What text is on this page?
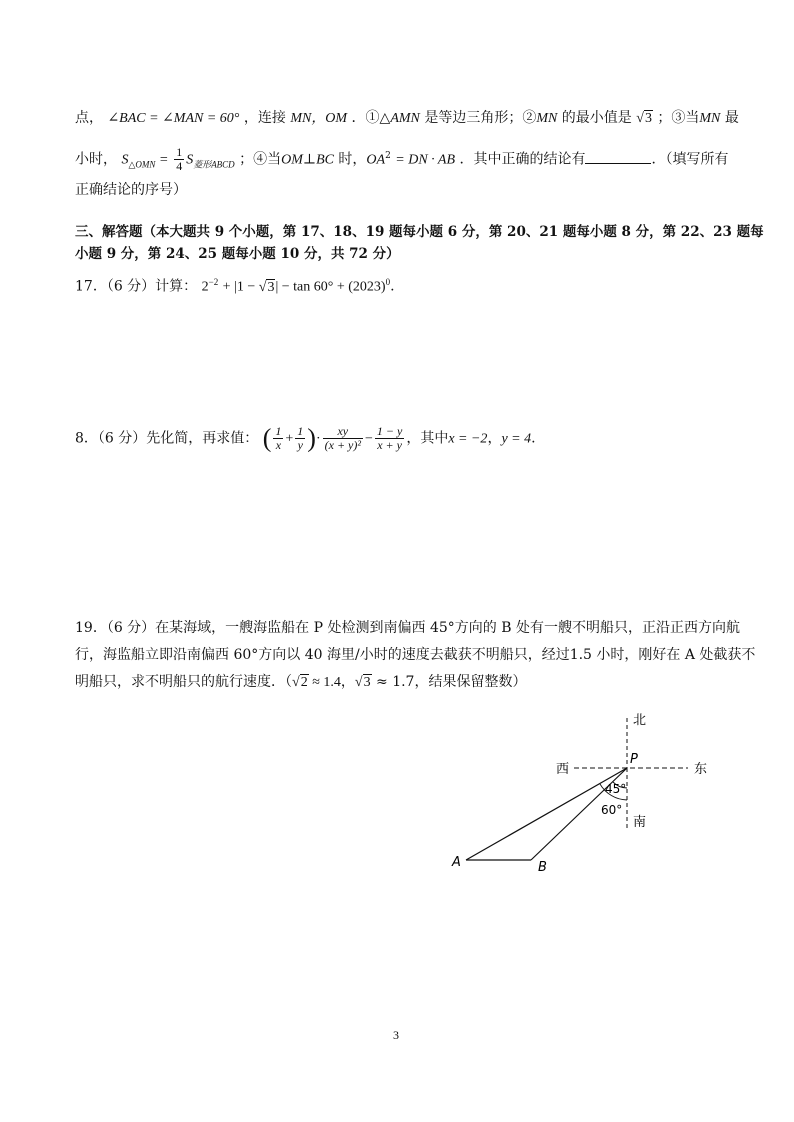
点， ∠BAC = ∠MAN = 60° ，连接 MN，OM ．①△AMN 是等边三角形；②MN 的最小值是 √3 ；③当MN 最
小时， $S_{\triangle OMN} = \frac{1}{4} S_{菱形ABCD}$ ；④当OM⊥BC 时，$OA^2$ = DN · AB ．其中正确的结论有	．（填写所有
正确结论的序号）
三、解答题（本大题共 9 个小题，第 17、18、19 题每小题 6 分，第 20、21 题每小题 8 分，第 22、23 题每
小题 9 分，第 24、25 题每小题 10 分，共 72 分）
17．（6 分）计算： $2^{-2} + |1 - √3| - \tan 60^\circ + (2023)^0$.
8．（6 分）先化简，再求值： ( $\frac{1}{x} + \frac{1}{y}$ )· $\frac{xy}{\text{(x + y)²}} - \frac{1 - y}{x + y}$ ，其中x = −2，y = 4.
19．（6 分）在某海域，一艘海监船在 P 处检测到南偏西 45°方向的 B 处有一艘不明船只，正沿正西方向航
行，海监船立即沿南偏西 60°方向以 40 海里/小时的速度去截获不明船只，经过1.5 小时，刚好在 A 处截获不
明船只，求不明船只的航行速度．（√2 ≈ 1.4，√3 ≈ 1.7，结果保留整数）
北
南
东
西
P
A	B
45°
60°
3
